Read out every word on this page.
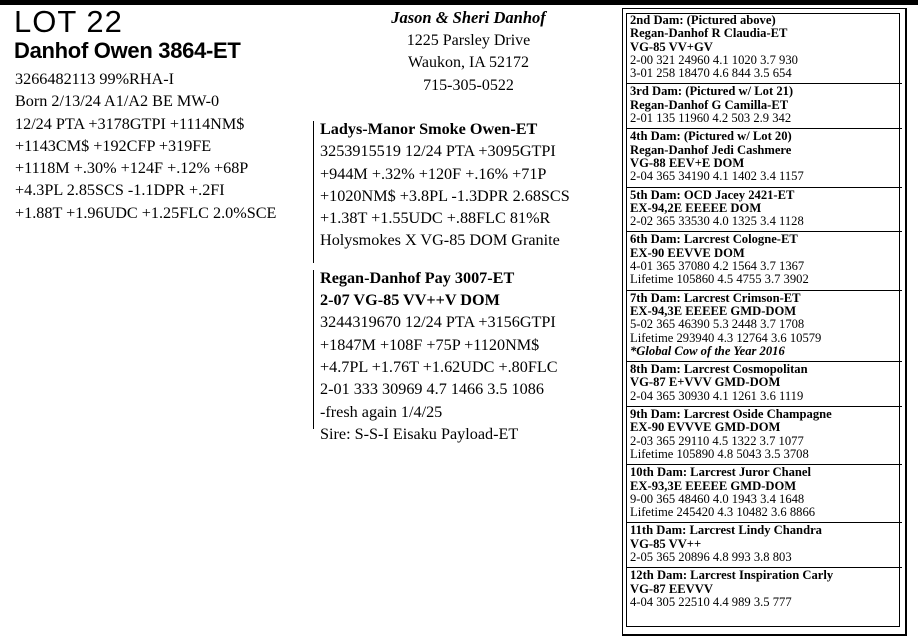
LOT 22
Danhof Owen 3864-ET
3266482113 99%RHA-I
Born 2/13/24 A1/A2 BE MW-0
12/24 PTA +3178GTPI +1114NM$
+1143CM$ +192CFP +319FE
+1118M +.30% +124F +.12% +68P
+4.3PL 2.85SCS -1.1DPR +.2FI
+1.88T +1.96UDC +1.25FLC 2.0%SCE
Jason & Sheri Danhof
1225 Parsley Drive
Waukon, IA 52172
715-305-0522
Ladys-Manor Smoke Owen-ET
3253915519 12/24 PTA +3095GTPI
+944M +.32% +120F +.16% +71P
+1020NM$ +3.8PL -1.3DPR 2.68SCS
+1.38T +1.55UDC +.88FLC 81%R
Holysmokes X VG-85 DOM Granite
Regan-Danhof Pay 3007-ET
2-07 VG-85 VV++V DOM
3244319670 12/24 PTA +3156GTPI
+1847M +108F +75P +1120NM$
+4.7PL +1.76T +1.62UDC +.80FLC
2-01 333 30969 4.7 1466 3.5 1086
-fresh again 1/4/25
Sire: S-S-I Eisaku Payload-ET
2nd Dam: (Pictured above)
Regan-Danhof R Claudia-ET
VG-85 VV+GV
2-00 321 24960 4.1 1020 3.7 930
3-01 258 18470 4.6 844 3.5 654
3rd Dam: (Pictured w/ Lot 21)
Regan-Danhof G Camilla-ET
2-01 135 11960 4.2 503 2.9 342
4th Dam: (Pictured w/ Lot 20)
Regan-Danhof Jedi Cashmere
VG-88 EEV+E DOM
2-04 365 34190 4.1 1402 3.4 1157
5th Dam: OCD Jacey 2421-ET
EX-94,2E EEEEE DOM
2-02 365 33530 4.0 1325 3.4 1128
6th Dam: Larcrest Cologne-ET
EX-90 EEVVE DOM
4-01 365 37080 4.2 1564 3.7 1367
Lifetime 105860 4.5 4755 3.7 3902
7th Dam: Larcrest Crimson-ET
EX-94,3E EEEEE GMD-DOM
5-02 365 46390 5.3 2448 3.7 1708
Lifetime 293940 4.3 12764 3.6 10579
*Global Cow of the Year 2016
8th Dam: Larcrest Cosmopolitan
VG-87 E+VVV GMD-DOM
2-04 365 30930 4.1 1261 3.6 1119
9th Dam: Larcrest Oside Champagne
EX-90 EVVVE GMD-DOM
2-03 365 29110 4.5 1322 3.7 1077
Lifetime 105890 4.8 5043 3.5 3708
10th Dam: Larcrest Juror Chanel
EX-93,3E EEEEE GMD-DOM
9-00 365 48460 4.0 1943 3.4 1648
Lifetime 245420 4.3 10482 3.6 8866
11th Dam: Larcrest Lindy Chandra
VG-85 VV++
2-05 365 20896 4.8 993 3.8 803
12th Dam: Larcrest Inspiration Carly
VG-87 EEVVV
4-04 305 22510 4.4 989 3.5 777
